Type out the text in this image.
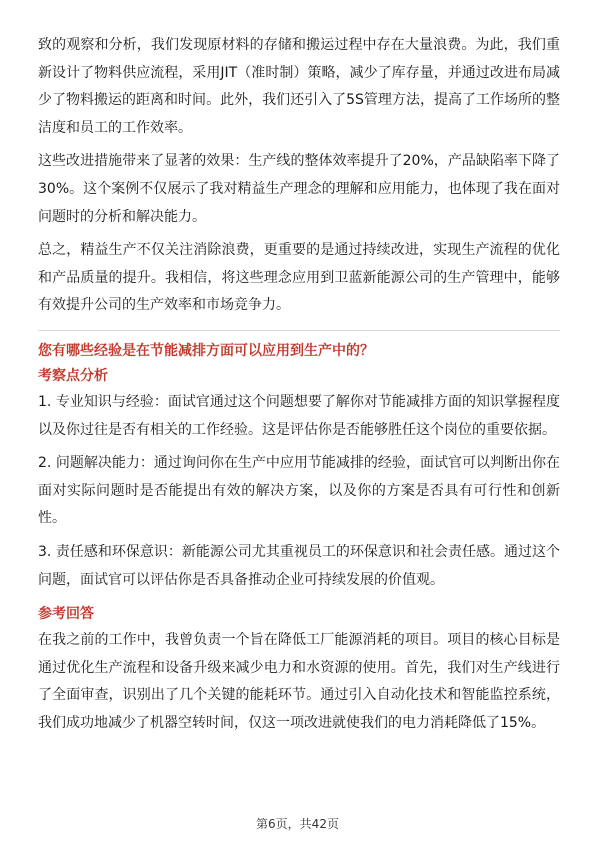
致的观察和分析，我们发现原材料的存储和搬运过程中存在大量浪费。为此，我们重新设计了物料供应流程，采用JIT（准时制）策略，减少了库存量，并通过改进布局减少了物料搬运的距离和时间。此外，我们还引入了5S管理方法，提高了工作场所的整洁度和员工的工作效率。

这些改进措施带来了显著的效果：生产线的整体效率提升了20%，产品缺陷率下降了30%。这个案例不仅展示了我对精益生产理念的理解和应用能力，也体现了我在面对问题时的分析和解决能力。

总之，精益生产不仅关注消除浪费，更重要的是通过持续改进，实现生产流程的优化和产品质量的提升。我相信，将这些理念应用到卫蓝新能源公司的生产管理中，能够有效提升公司的生产效率和市场竞争力。

您有哪些经验是在节能减排方面可以应用到生产中的？

考察点分析

1. 专业知识与经验：面试官通过这个问题想要了解你对节能减排方面的知识掌握程度以及你过往是否有相关的工作经验。这是评估你是否能够胜任这个岗位的重要依据。

2. 问题解决能力：通过询问你在生产中应用节能减排的经验，面试官可以判断出你在面对实际问题时是否能提出有效的解决方案，以及你的方案是否具有可行性和创新性。

3. 责任感和环保意识：新能源公司尤其重视员工的环保意识和社会责任感。通过这个问题，面试官可以评估你是否具备推动企业可持续发展的价值观。

参考回答

在我之前的工作中，我曾负责一个旨在降低工厂能源消耗的项目。项目的核心目标是通过优化生产流程和设备升级来减少电力和水资源的使用。首先，我们对生产线进行了全面审查，识别出了几个关键的能耗环节。通过引入自动化技术和智能监控系统，我们成功地减少了机器空转时间，仅这一项改进就使我们的电力消耗降低了15%。

第6页，共42页
